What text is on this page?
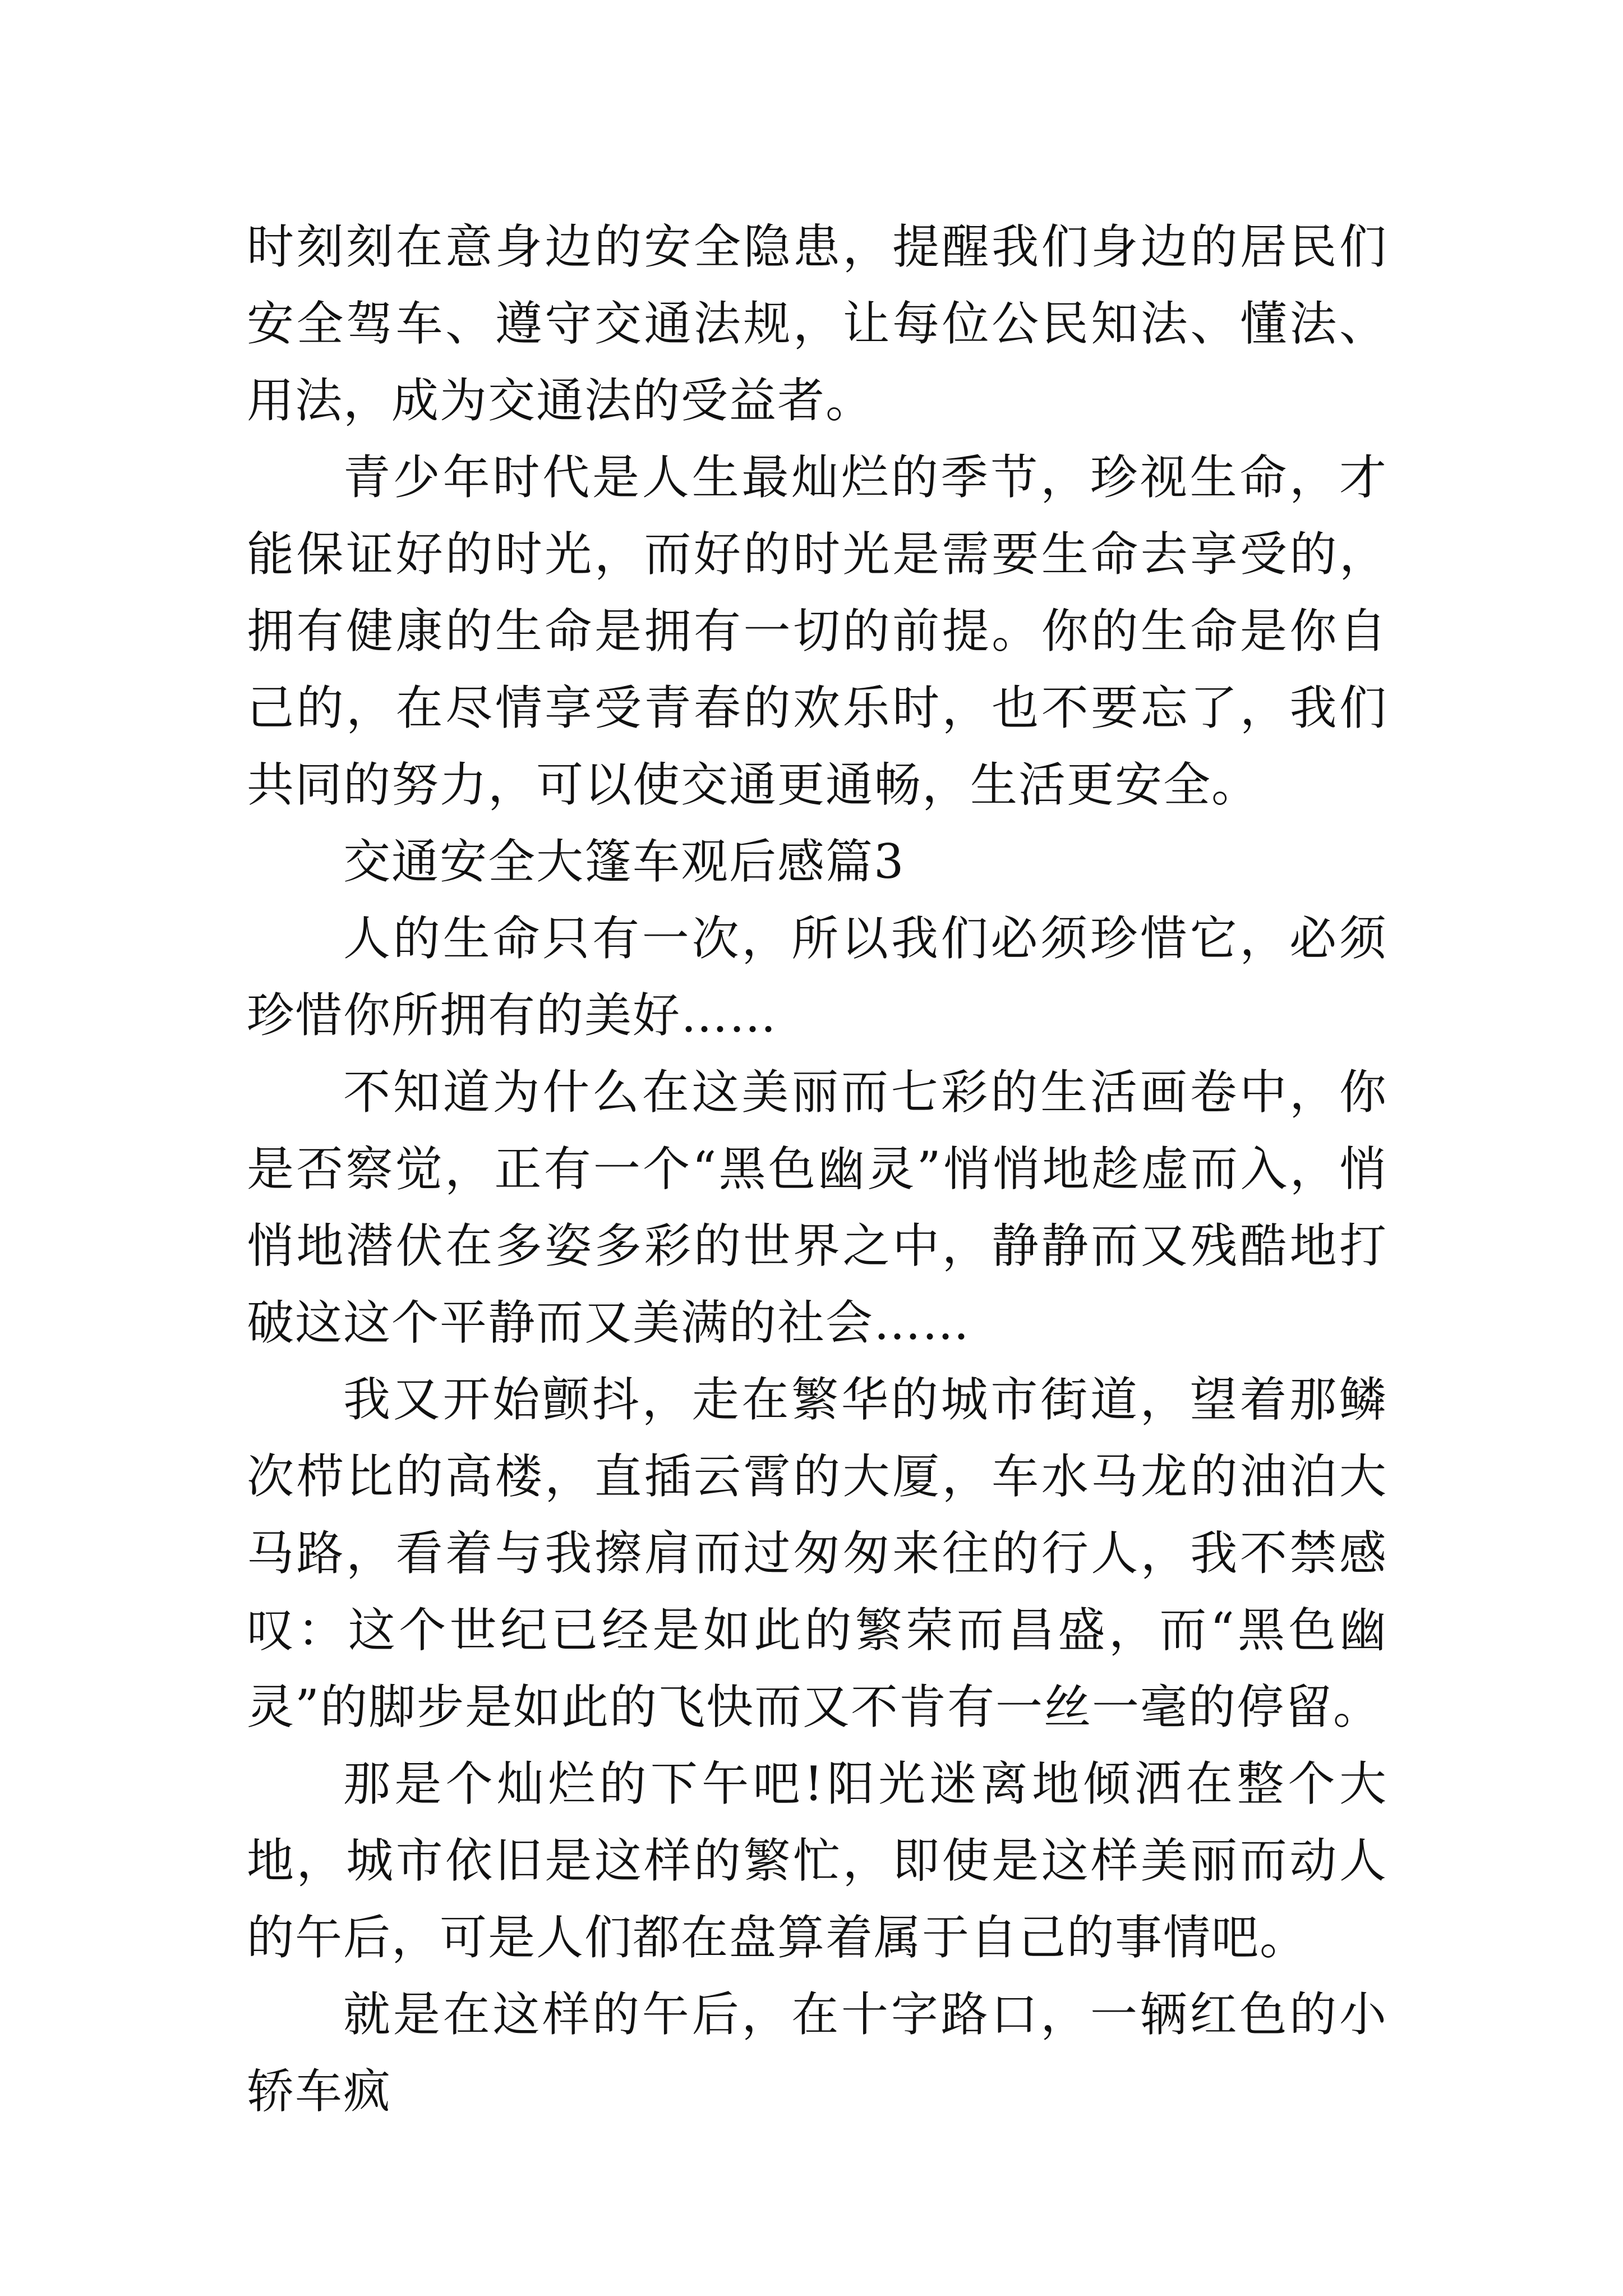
时刻刻在意身边的安全隐患，提醒我们身边的居民们安全驾车、遵守交通法规，让每位公民知法、懂法、用法，成为交通法的受益者。

青少年时代是人生最灿烂的季节，珍视生命，才能保证好的时光，而好的时光是需要生命去享受的，拥有健康的生命是拥有一切的前提。你的生命是你自己的，在尽情享受青春的欢乐时，也不要忘了，我们共同的努力，可以使交通更通畅，生活更安全。

交通安全大篷车观后感篇3

人的生命只有一次，所以我们必须珍惜它，必须珍惜你所拥有的美好……

不知道为什么在这美丽而七彩的生活画卷中，你是否察觉，正有一个“黑色幽灵”悄悄地趁虚而入，悄悄地潜伏在多姿多彩的世界之中，静静而又残酷地打破这这个平静而又美满的社会……

我又开始颤抖，走在繁华的城市街道，望着那鳞次栉比的高楼，直插云霄的大厦，车水马龙的油泊大马路，看着与我擦肩而过匆匆来往的行人，我不禁感叹：这个世纪已经是如此的繁荣而昌盛，而“黑色幽灵”的脚步是如此的飞快而又不肯有一丝一毫的停留。

那是个灿烂的下午吧!阳光迷离地倾洒在整个大地，城市依旧是这样的繁忙，即使是这样美丽而动人的午后，可是人们都在盘算着属于自己的事情吧。

就是在这样的午后，在十字路口，一辆红色的小轿车疯
